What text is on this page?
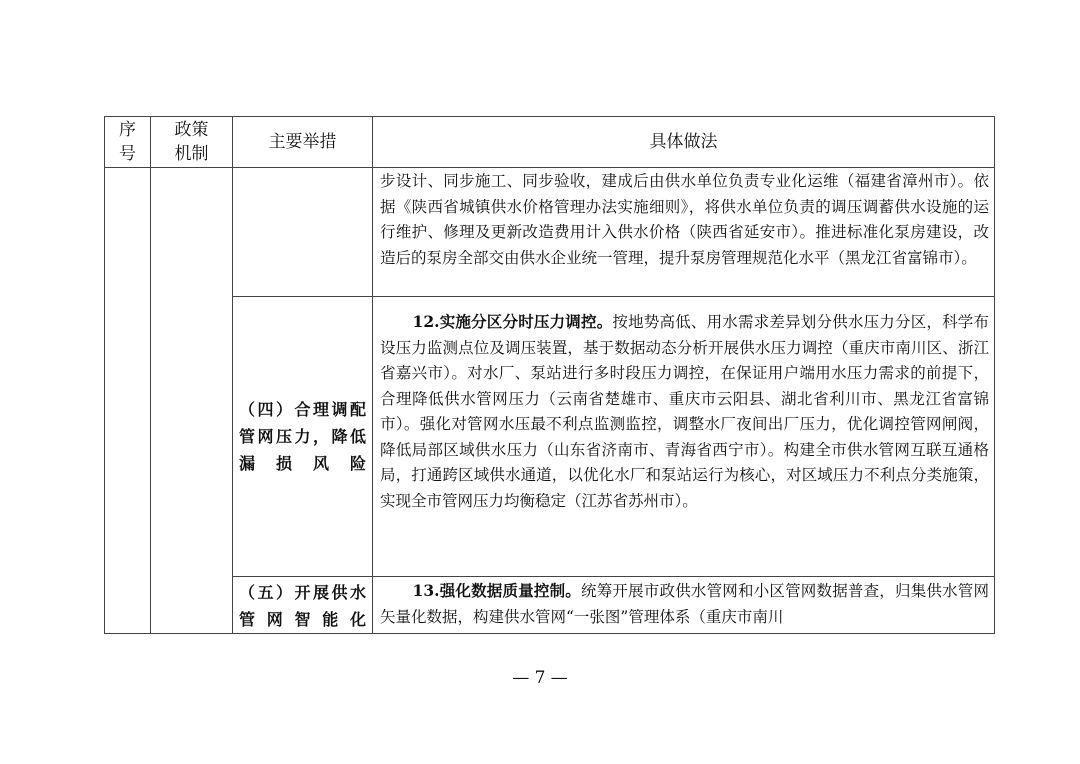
序号	政策机制	主要举措	具体做法
			步设计、同步施工、同步验收，建成后由供水单位负责专业化运维（福建省漳州市）。依据《陕西省城镇供水价格管理办法实施细则》，将供水单位负责的调压调蓄供水设施的运行维护、修理及更新改造费用计入供水价格（陕西省延安市）。推进标准化泵房建设，改造后的泵房全部交由供水企业统一管理，提升泵房管理规范化水平（黑龙江省富锦市）。
		（四）合理调配管网压力，降低漏损风险	12.实施分区分时压力调控。按地势高低、用水需求差异划分供水压力分区，科学布设压力监测点位及调压装置，基于数据动态分析开展供水压力调控（重庆市南川区、浙江省嘉兴市）。对水厂、泵站进行多时段压力调控，在保证用户端用水压力需求的前提下，合理降低供水管网压力（云南省楚雄市、重庆市云阳县、湖北省利川市、黑龙江省富锦市）。强化对管网水压最不利点监测监控，调整水厂夜间出厂压力，优化调控管网闸阀，降低局部区域供水压力（山东省济南市、青海省西宁市）。构建全市供水管网互联互通格局，打通跨区域供水通道，以优化水厂和泵站运行为核心，对区域压力不利点分类施策，实现全市管网压力均衡稳定（江苏省苏州市）。
		（五）开展供水管网智能化	13.强化数据质量控制。统筹开展市政供水管网和小区管网数据普查，归集供水管网矢量化数据，构建供水管网“一张图”管理体系（重庆市南川
— 7 —
